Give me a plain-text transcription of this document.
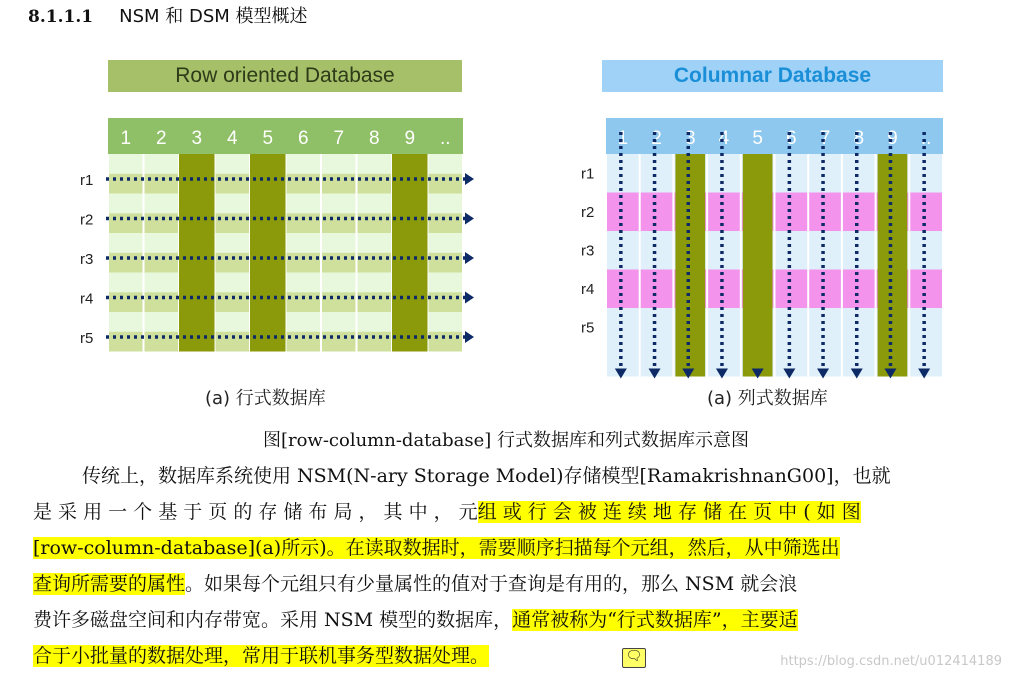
8.1.1.1 NSM 和 DSM 模型概述
Row oriented Database	Columnar Database
1 2 3 4 5 6 7 8 9 ..
r1
r2
r3
r4
r5
1 2 3 4 5 6 7 8 9 ..
r1
r2
r3
r4
r5
(a) 行式数据库	(a) 列式数据库
图[row-column-database] 行式数据库和列式数据库示意图
传统上，数据库系统使用 NSM(N-ary Storage Model)存储模型[RamakrishnanG00]，也就
是 采 用 一 个 基 于 页 的 存 储 布 局 ， 其 中 ， 元组 或 行 会 被 连 续 地 存 储 在 页 中 ( 如 图
[row-column-database](a)所示)。在读取数据时，需要顺序扫描每个元组，然后，从中筛选出
查询所需要的属性。如果每个元组只有少量属性的值对于查询是有用的，那么 NSM 就会浪
费许多磁盘空间和内存带宽。采用 NSM 模型的数据库，通常被称为“行式数据库”，主要适
合于小批量的数据处理，常用于联机事务型数据处理。	🗨	https://blog.csdn.net/u012414189
